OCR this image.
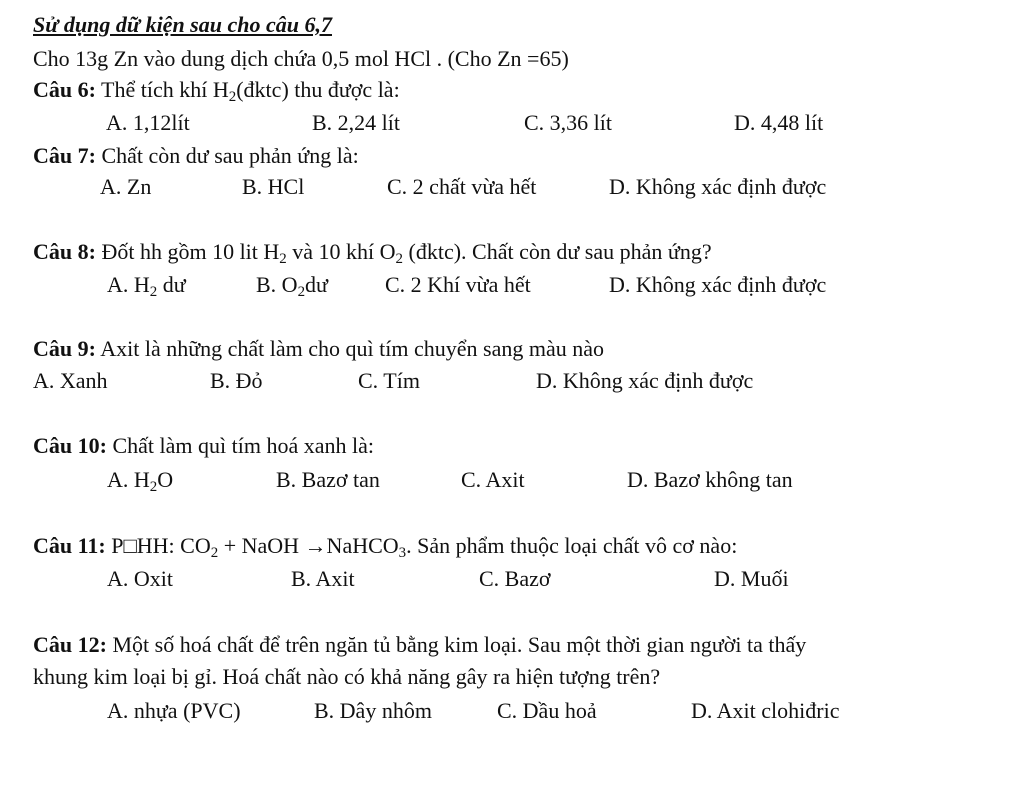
Sử dụng dữ kiện sau cho câu 6,7
Cho 13g Zn vào dung dịch chứa 0,5 mol HCl . (Cho Zn =65)
Câu 6: Thể tích khí $H_2(đktc)$ thu được là:
A. 1,12lít	B. 2,24 lít	C. 3,36 lít	D. 4,48 lít
Câu 7: Chất còn dư sau phản ứng là:
A. Zn	B. HCl	C. 2 chất vừa hết	D. Không xác định được
Câu 8: Đốt hh gồm 10 lit $H_2$ và 10 khí $O_2$ (đktc). Chất còn dư sau phản ứng?
A. $H_2$ dư	B. $O_2dư$	C. 2 Khí vừa hết	D. Không xác định được
Câu 9: Axit là những chất làm cho quì tím chuyển sang màu nào
A. Xanh	B. Đỏ	C. Tím	D. Không xác định được
Câu 10: Chất làm quì tím hoá xanh là:
A. $H_2O$	B. Bazơ tan	C. Axit	D. Bazơ không tan
Câu 11: P□HH: $CO_2$ + NaOH →NaHCO$_3$. Sản phẩm thuộc loại chất vô cơ nào:
A. Oxit	B. Axit	C. Bazơ	D. Muối
Câu 12: Một số hoá chất để trên ngăn tủ bằng kim loại. Sau một thời gian người ta thấy
khung kim loại bị gỉ. Hoá chất nào có khả năng gây ra hiện tượng trên?
A. nhựa (PVC)	B. Dây nhôm	C. Dầu hoả	D. Axit clohiđric
